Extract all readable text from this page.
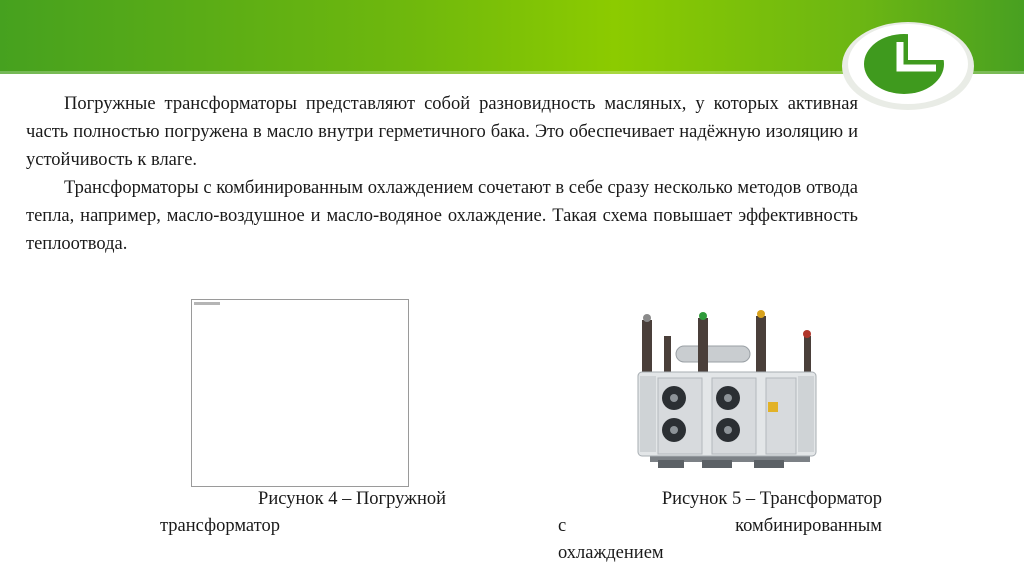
Погружные трансформаторы представляют собой разновидность масляных, у которых активная часть полностью погружена в масло внутри герметичного бака. Это обеспечивает надёжную изоляцию и устойчивость к влаге.

Трансформаторы с комбинированным охлаждением сочетают в себе сразу несколько методов отвода тепла, например, масло-воздушное и масло-водяное охлаждение. Такая схема повышает эффективность теплоотвода.

Рисунок 4 – Погружной
трансформатор
Рисунок 5 – Трансформатор
с	комбинированным
охлаждением
